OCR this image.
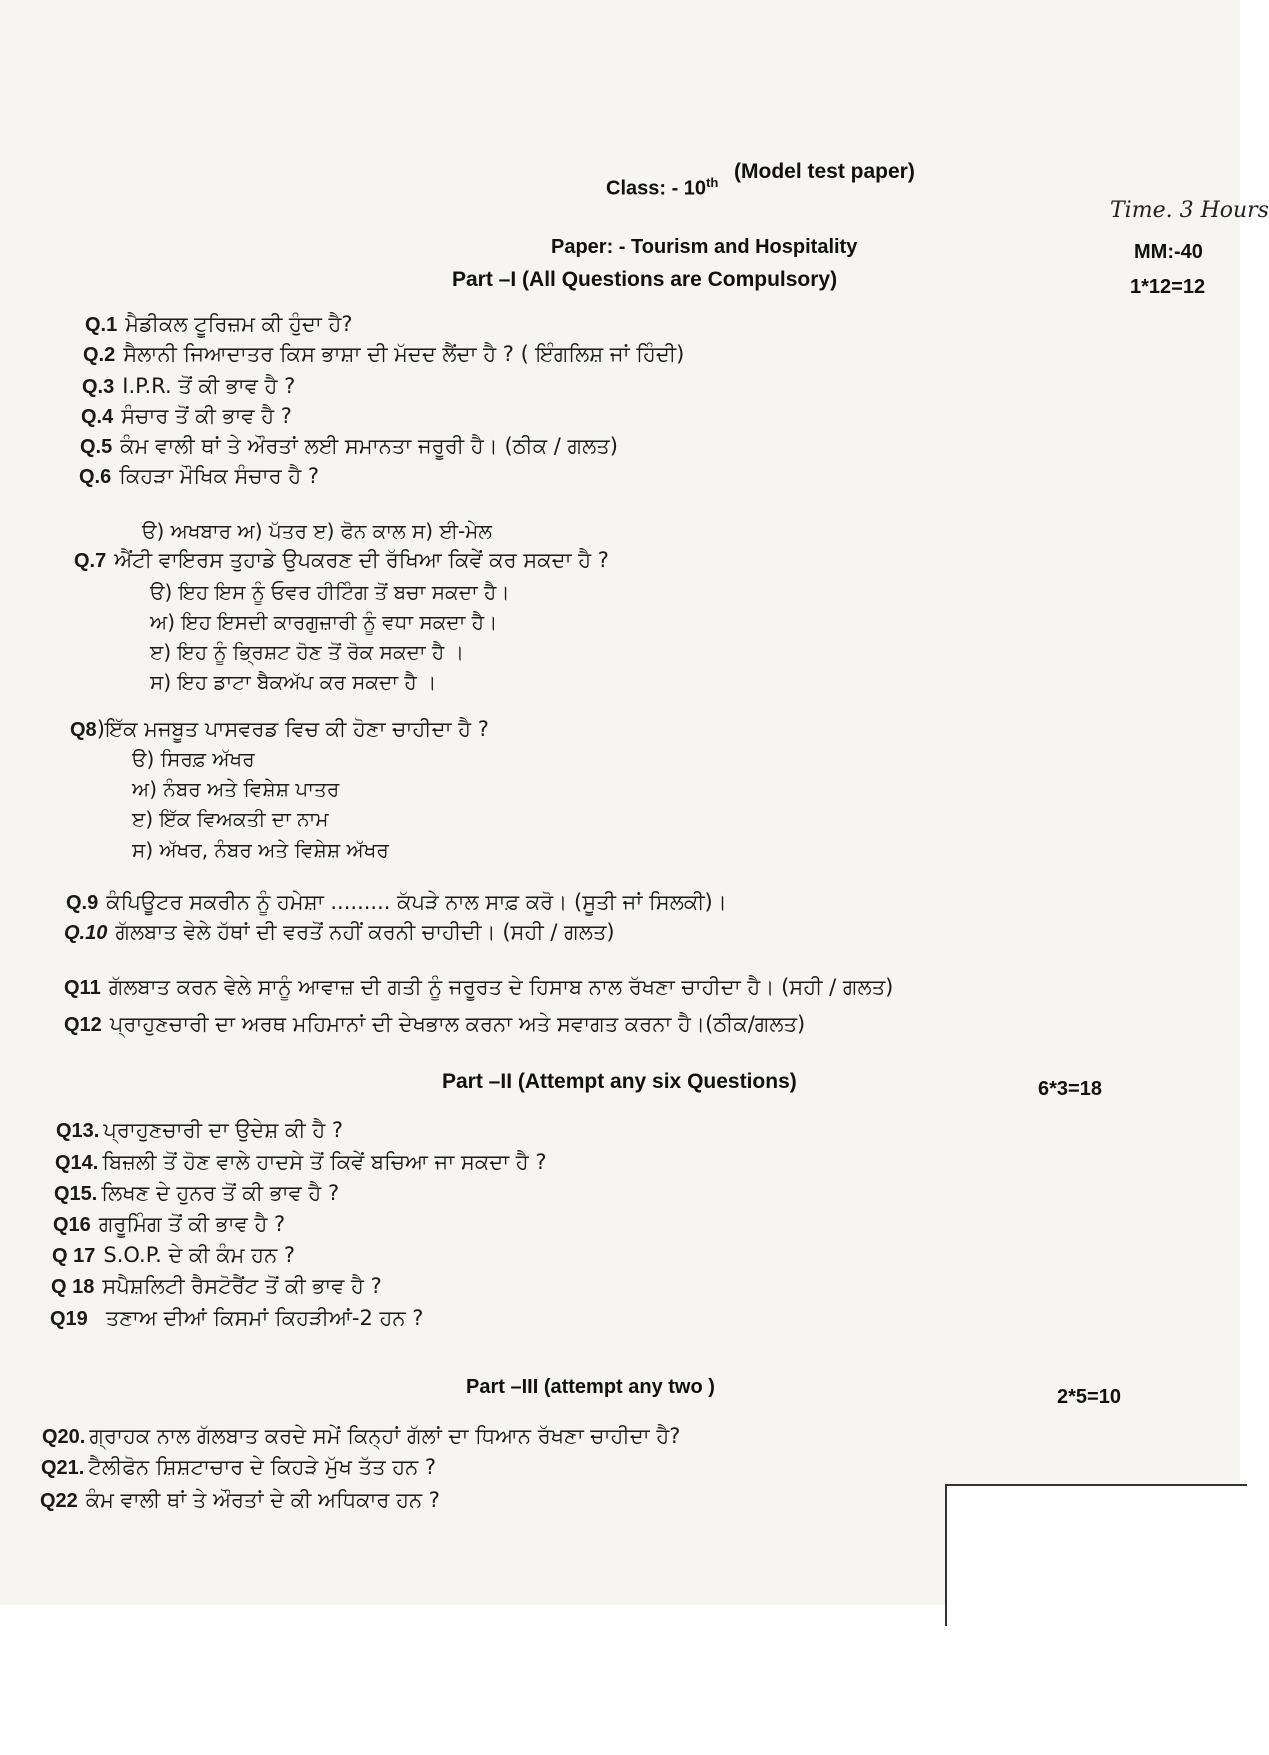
Class: - 10th (Model test paper)
Time. 3 Hours
Paper: - Tourism and Hospitality	MM:-40
Part –I (All Questions are Compulsory)	1*12=12
Q.1 ਮੈਡੀਕਲ ਟੂਰਿਜ਼ਮ ਕੀ ਹੁੰਦਾ ਹੈ?
Q.2 ਸੈਲਾਨੀ ਜਿਆਦਾਤਰ ਕਿਸ ਭਾਸ਼ਾ ਦੀ ਮੱਦਦ ਲੈਂਦਾ ਹੈ ? ( ਇੰਗਲਿਸ਼ ਜਾਂ ਹਿੰਦੀ)
Q.3 I.P.R. ਤੋਂ ਕੀ ਭਾਵ ਹੈ ?
Q.4 ਸੰਚਾਰ ਤੋਂ ਕੀ ਭਾਵ ਹੈ ?
Q.5 ਕੰਮ ਵਾਲੀ ਥਾਂ ਤੇ ਔਰਤਾਂ ਲਈ ਸਮਾਨਤਾ ਜਰੂਰੀ ਹੈ। (ਠੀਕ / ਗਲਤ)
Q.6 ਕਿਹੜਾ ਮੌਖਿਕ ਸੰਚਾਰ ਹੈ ?
ੳ) ਅਖਬਾਰ ਅ) ਪੱਤਰ ੲ) ਫੋਨ ਕਾਲ ਸ) ਈ-ਮੇਲ
Q.7 ਐਂਟੀ ਵਾਇਰਸ ਤੁਹਾਡੇ ਉਪਕਰਣ ਦੀ ਰੱਖਿਆ ਕਿਵੇਂ ਕਰ ਸਕਦਾ ਹੈ ?
ੳ) ਇਹ ਇਸ ਨੂੰ ਓਵਰ ਹੀਟਿੰਗ ਤੋਂ ਬਚਾ ਸਕਦਾ ਹੈ।
ਅ) ਇਹ ਇਸਦੀ ਕਾਰਗੁਜ਼ਾਰੀ ਨੂੰ ਵਧਾ ਸਕਦਾ ਹੈ।
ੲ) ਇਹ ਨੂੰ ਭ੍ਰਿਸ਼ਟ ਹੋਣ ਤੋਂ ਰੋਕ ਸਕਦਾ ਹੈ ।
ਸ) ਇਹ ਡਾਟਾ ਬੈਕਅੱਪ ਕਰ ਸਕਦਾ ਹੈ ।
Q8)ਇੱਕ ਮਜਬੂਤ ਪਾਸਵਰਡ ਵਿਚ ਕੀ ਹੋਣਾ ਚਾਹੀਦਾ ਹੈ ?
ੳ) ਸਿਰਫ਼ ਅੱਖਰ
ਅ) ਨੰਬਰ ਅਤੇ ਵਿਸ਼ੇਸ਼ ਪਾਤਰ
ੲ) ਇੱਕ ਵਿਅਕਤੀ ਦਾ ਨਾਮ
ਸ) ਅੱਖਰ, ਨੰਬਰ ਅਤੇ ਵਿਸ਼ੇਸ਼ ਅੱਖਰ
Q.9 ਕੰਪਿਊਟਰ ਸਕਰੀਨ ਨੂੰ ਹਮੇਸ਼ਾ ......... ਕੱਪੜੇ ਨਾਲ ਸਾਫ਼ ਕਰੋ। (ਸੂਤੀ ਜਾਂ ਸਿਲਕੀ)।
Q.10 ਗੱਲਬਾਤ ਵੇਲੇ ਹੱਥਾਂ ਦੀ ਵਰਤੋਂ ਨਹੀਂ ਕਰਨੀ ਚਾਹੀਦੀ। (ਸਹੀ / ਗਲਤ)
Q11 ਗੱਲਬਾਤ ਕਰਨ ਵੇਲੇ ਸਾਨੂੰ ਆਵਾਜ਼ ਦੀ ਗਤੀ ਨੂੰ ਜਰੂਰਤ ਦੇ ਹਿਸਾਬ ਨਾਲ ਰੱਖਣਾ ਚਾਹੀਦਾ ਹੈ। (ਸਹੀ / ਗਲਤ)
Q12 ਪ੍ਰਾਹੁਣਚਾਰੀ ਦਾ ਅਰਥ ਮਹਿਮਾਨਾਂ ਦੀ ਦੇਖਭਾਲ ਕਰਨਾ ਅਤੇ ਸਵਾਗਤ ਕਰਨਾ ਹੈ।(ਠੀਕ/ਗਲਤ)
Part –II (Attempt any six Questions)	6*3=18
Q13. ਪ੍ਰਾਹੁਣਚਾਰੀ ਦਾ ਉਦੇਸ਼ ਕੀ ਹੈ ?
Q14. ਬਿਜ਼ਲੀ ਤੋਂ ਹੋਣ ਵਾਲੇ ਹਾਦਸੇ ਤੋਂ ਕਿਵੇਂ ਬਚਿਆ ਜਾ ਸਕਦਾ ਹੈ ?
Q15. ਲਿਖਣ ਦੇ ਹੁਨਰ ਤੋਂ ਕੀ ਭਾਵ ਹੈ ?
Q16 ਗਰੂਮਿੰਗ ਤੋਂ ਕੀ ਭਾਵ ਹੈ ?
Q 17 S.O.P. ਦੇ ਕੀ ਕੰਮ ਹਨ ?
Q 18 ਸਪੈਸ਼ਲਿਟੀ ਰੈਸਟੋਰੈਂਟ ਤੋਂ ਕੀ ਭਾਵ ਹੈ ?
Q19 ਤਣਾਅ ਦੀਆਂ ਕਿਸਮਾਂ ਕਿਹੜੀਆਂ-2 ਹਨ ?
Part –III (attempt any two )	2*5=10
Q20. ਗ੍ਰਾਹਕ ਨਾਲ ਗੱਲਬਾਤ ਕਰਦੇ ਸਮੇਂ ਕਿਨ੍ਹਾਂ ਗੱਲਾਂ ਦਾ ਧਿਆਨ ਰੱਖਣਾ ਚਾਹੀਦਾ ਹੈ?
Q21. ਟੈਲੀਫੋਨ ਸ਼ਿਸ਼ਟਾਚਾਰ ਦੇ ਕਿਹੜੇ ਮੁੱਖ ਤੱਤ ਹਨ ?
Q22 ਕੰਮ ਵਾਲੀ ਥਾਂ ਤੇ ਔਰਤਾਂ ਦੇ ਕੀ ਅਧਿਕਾਰ ਹਨ ?
